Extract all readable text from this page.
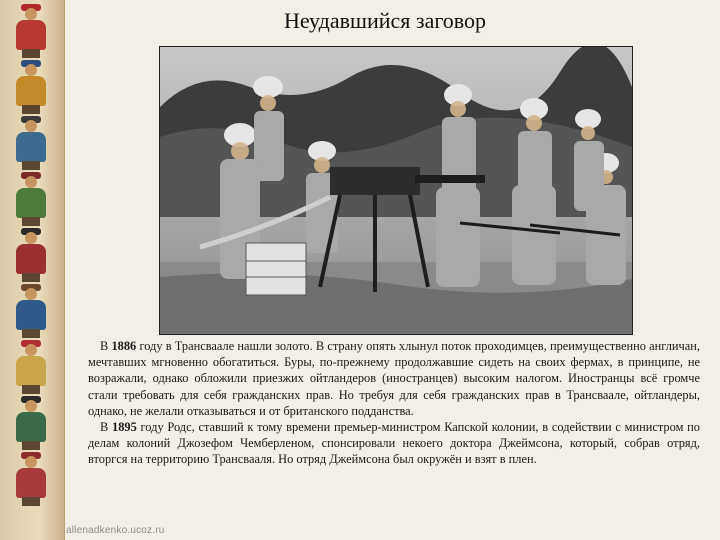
allenadkenko.ucoz.ru
Неудавшийся заговор

В 1886 году в Трансваале нашли золото. В страну опять хлынул поток проходимцев, преимущественно англичан, мечтавших мгновенно обогатиться. Буры, по-прежнему продолжавшие сидеть на своих фермах, в принципе, не возражали, однако обложили приезжих ойтландеров (иностранцев) высоким налогом. Иностранцы всё громче стали требовать для себя гражданских прав. Но требуя для себя гражданских прав в Трансваале, ойтландеры, однако, не желали отказываться и от британского подданства.

В 1895 году Родс, ставший к тому времени премьер-министром Капской колонии, в содействии с министром по делам колоний Джозефом Чемберленом, спонсировали некоего доктора Джеймсона, который, собрав отряд, вторгся на территорию Трансвааля. Но отряд Джеймсона был окружён и взят в плен.
